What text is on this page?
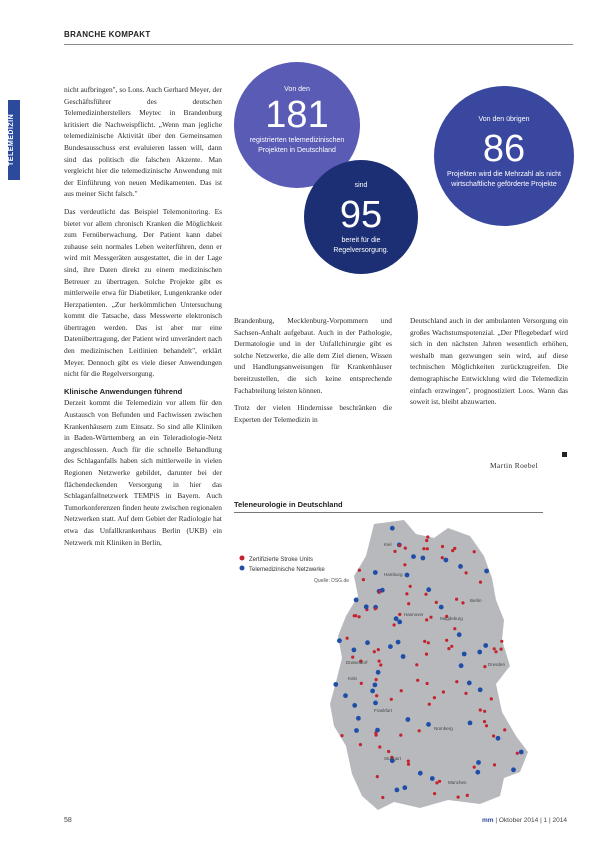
BRANCHE KOMPAKT
TELEMEDIZIN

nicht aufbringen", so Lons. Auch Gerhard Meyer, der Geschäftsführer des deutschen Telemedizinherstellers Meytec in Brandenburg kritisiert die Nachweispflicht. „Wenn man jegliche telemedizinische Aktivität über den Gemeinsamen Bundesausschuss erst evaluieren lassen will, dann sind das politisch die falschen Akzente. Man vergleicht hier die telemedizinische Anwendung mit der Einführung von neuen Medikamenten. Das ist aus meiner Sicht falsch."

Das verdeutlicht das Beispiel Telemonitoring. Es bietet vor allem chronisch Kranken die Möglichkeit zum Fernüberwachung. Der Patient kann dabei zuhause sein normales Leben weiterführen, denn er wird mit Messgeräten ausgestattet, die in der Lage sind, ihre Daten direkt zu einem medizinischen Betreuer zu übertragen. Solche Projekte gibt es mittlerweile etwa für Diabetiker, Lungenkranke oder Herzpatienten. „Zur herkömmlichen Untersuchung kommt die Tatsache, dass Messwerte elektronisch übertragen werden. Das ist aber nur eine Datenübertragung, der Patient wird unverändert nach den medizinischen Leitlinien behandelt", erklärt Meyer. Dennoch gibt es viele dieser Anwendungen nicht für die Regelversorgung.

Klinische Anwendungen führend

Derzeit kommt die Telemedizin vor allem für den Austausch von Befunden und Fachwissen zwischen Krankenhäusern zum Einsatz. So sind alle Kliniken in Baden-Württemberg an ein Teleradiologie-Netz angeschlossen. Auch für die schnelle Behandlung des Schlaganfalls haben sich mittlerweile in vielen Regionen Netzwerke gebildet, darunter bei der flächendeckenden Versorgung in hier das Schlaganfallnetzwerk TEMPiS in Bayern. Auch Tumorkonferenzen finden heute zwischen regionalen Netzwerken statt. Auf dem Gebiet der Radiologie hat etwa das Unfallkrankenhaus Berlin (UKB) ein Netzwerk mit Kliniken in Berlin,

Brandenburg, Mecklenburg-Vorpommern und Sachsen-Anhalt aufgebaut. Auch in der Pathologie, Dermatologie und in der Unfallchirurgie gibt es solche Netzwerke, die alle dem Ziel dienen, Wissen und Handlungsanweisungen für Krankenhäuser bereitzustellen, die sich keine entsprechende Fachabteilung leisten können.

Trotz der vielen Hindernisse beschränken die Experten der Telemedizin in

Deutschland auch in der ambulanten Versorgung ein großes Wachstumspotenzial. „Der Pflegebedarf wird sich in den nächsten Jahren wesentlich erhöhen, weshalb man gezwungen sein wird, auf diese technischen Möglichkeiten zurückzugreifen. Die demographische Entwicklung wird die Telemedizin einfach erzwingen", prognostiziert Loos. Wann das soweit ist, bleibt abzuwarten.

Martin Roebel
Von den
181
registrierten telemedizinischen Projekten in Deutschland
sind
95
bereit für die Regelversorgung.
Von den übrigen
86
Projekten wird die Mehrzahl als nicht wirtschaftliche geförderte Projekte
Teleneurologie in Deutschland
Zertifizierte Stroke Units
Telemedizinische Netzwerke
Quelle: DSG.de
Kiel
Hamburg
Berlin
Hannover
Magdeburg
Düsseldorf
Köln
Dresden
Frankfurt
Nürnberg
Stuttgart
München
58	mm | Oktober 2014 | 1 | 2014
